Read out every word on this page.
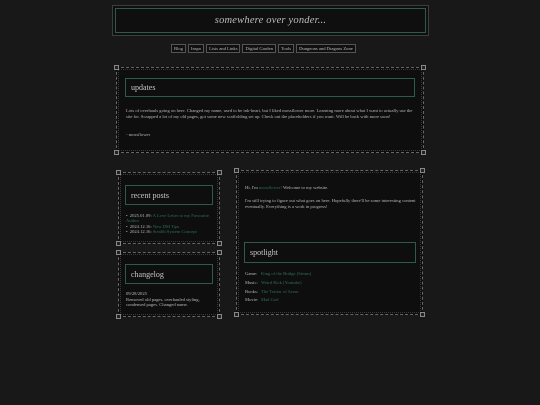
somewhere over yonder...
Blog	Inspo	Lists and Links	Digital Garden	Tools	Dungeons and Dragons Zone
updates

Lots of overhauls going on here. Changed my name, used to be ink-heart, but I liked mossflower more. Learning more about what I want to actually use the site for. Scrapped a lot of my old pages, got some new scaffolding set up. Check out the placeholders if you want. Will be back with more soon!

- mossflower

recent posts
• 2025.01.09: A Love Letter to my Favourite Author
• 2024.12.16: New DM Tips
• 2024.12.16: Stealth System Concept
changelog

09/28/2025
Removed old pages, overhauled styling, condensed pages. Changed name.

Hi, I'm mossflower! Welcome to my website.

I'm still trying to figure out what goes on here. Hopefully there'll be some interesting content eventually. Everything is a work in progress!

spotlight
Game: King of the Bridge (Steam)
Music: Weird Rick (Youtube)
Books: The Traitor of Arnor
Movie: Mad God
